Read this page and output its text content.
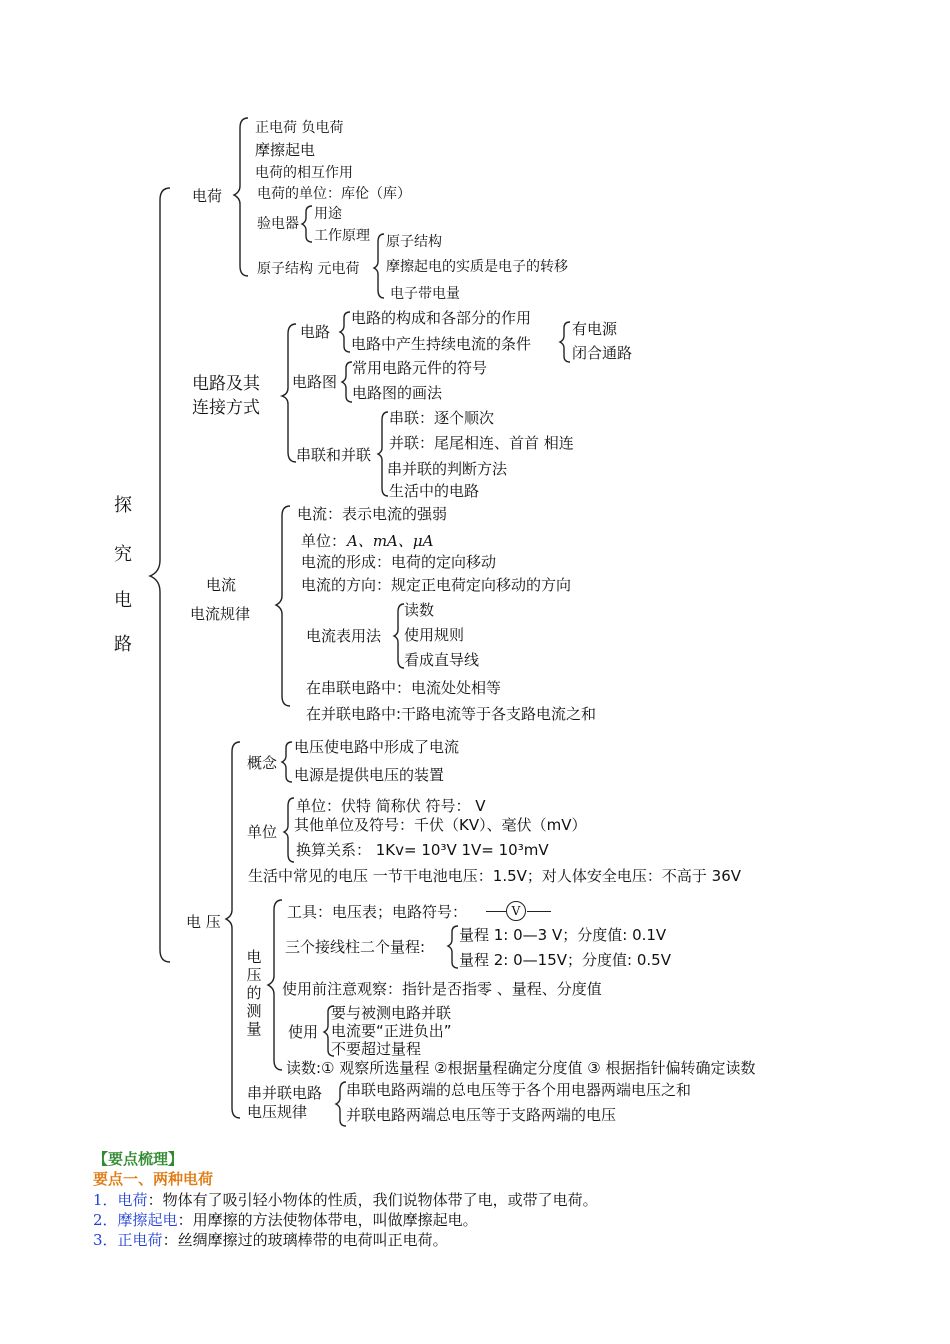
探
究
电
路
电荷
正电荷 负电荷
摩擦起电
电荷的相互作用
电荷的单位：库伦（库）
验电器
用途
工作原理
原子结构 元电荷
原子结构
摩擦起电的实质是电子的转移
电子带电量
电路及其
连接方式
电路
电路的构成和各部分的作用
电路中产生持续电流的条件
有电源
闭合通路
电路图
常用电路元件的符号
电路图的画法
串联和并联
串联：逐个顺次
并联：尾尾相连、首首 相连
串并联的判断方法
生活中的电路
电流
电流规律
电流：表示电流的强弱
单位： A、mA、μA
电流的形成：电荷的定向移动
电流的方向：规定正电荷定向移动的方向
电流表用法
读数
使用规则
看成直导线
在串联电路中：电流处处相等
在并联电路中:干路电流等于各支路电流之和
电 压
概念
电压使电路中形成了电流
电源是提供电压的装置
单位
单位：伏特 简称伏 符号： V
其他单位及符号：千伏（KV）、毫伏（mV）
换算关系： 1Kv= 10³V 1V= 10³mV
生活中常见的电压 一节干电池电压：1.5V；对人体安全电压：不高于 36V
电压的测量
工具：电压表；电路符号：	V
三个接线柱二个量程:
量程 1: 0—3 V；分度值: 0.1V
量程 2: 0—15V；分度值: 0.5V
使用前注意观察：指针是否指零 、量程、分度值
使用
要与被测电路并联
电流要“正进负出”
不要超过量程
读数:① 观察所选量程 ②根据量程确定分度值 ③ 根据指针偏转确定读数
串并联电路
电压规律
串联电路两端的总电压等于各个用电器两端电压之和
并联电路两端总电压等于支路两端的电压
【要点梳理】
要点一、两种电荷
1．电荷：物体有了吸引轻小物体的性质，我们说物体带了电，或带了电荷。
2．摩擦起电：用摩擦的方法使物体带电，叫做摩擦起电。
3．正电荷：丝绸摩擦过的玻璃棒带的电荷叫正电荷。
